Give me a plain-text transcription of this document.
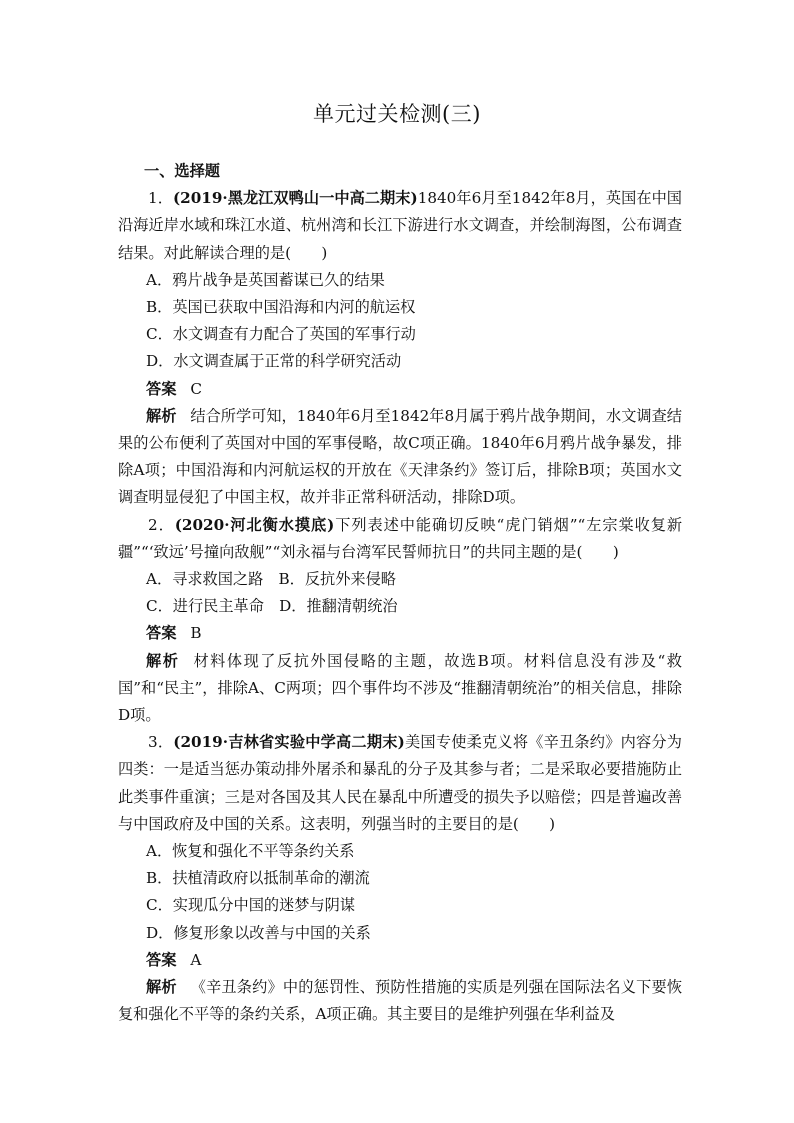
单元过关检测(三)

一、选择题

1．(2019·黑龙江双鸭山一中高二期末)1840年6月至1842年8月，英国在中国沿海近岸水域和珠江水道、杭州湾和长江下游进行水文调查，并绘制海图，公布调查结果。对此解读合理的是(　　)

A．鸦片战争是英国蓄谋已久的结果

B．英国已获取中国沿海和内河的航运权

C．水文调查有力配合了英国的军事行动

D．水文调查属于正常的科学研究活动

答案 C

解析 结合所学可知，1840年6月至1842年8月属于鸦片战争期间，水文调查结果的公布便利了英国对中国的军事侵略，故C项正确。1840年6月鸦片战争暴发，排除A项；中国沿海和内河航运权的开放在《天津条约》签订后，排除B项；英国水文调查明显侵犯了中国主权，故并非正常科研活动，排除D项。

2．(2020·河北衡水摸底)下列表述中能确切反映“虎门销烟”“左宗棠收复新疆”“‘致远’号撞向敌舰”“刘永福与台湾军民誓师抗日”的共同主题的是(　　)

A．寻求救国之路　 B．反抗外来侵略

C．进行民主革命　 D．推翻清朝统治

答案 B

解析 材料体现了反抗外国侵略的主题，故选B项。材料信息没有涉及“救国”和“民主”，排除A、C两项；四个事件均不涉及“推翻清朝统治”的相关信息，排除D项。

3．(2019·吉林省实验中学高二期末)美国专使柔克义将《辛丑条约》内容分为四类：一是适当惩办策动排外屠杀和暴乱的分子及其参与者；二是采取必要措施防止此类事件重演；三是对各国及其人民在暴乱中所遭受的损失予以赔偿；四是普遍改善与中国政府及中国的关系。这表明，列强当时的主要目的是(　　)

A．恢复和强化不平等条约关系

B．扶植清政府以抵制革命的潮流

C．实现瓜分中国的迷梦与阴谋

D．修复形象以改善与中国的关系

答案 A

解析 《辛丑条约》中的惩罚性、预防性措施的实质是列强在国际法名义下要恢复和强化不平等的条约关系，A项正确。其主要目的是维护列强在华利益及
